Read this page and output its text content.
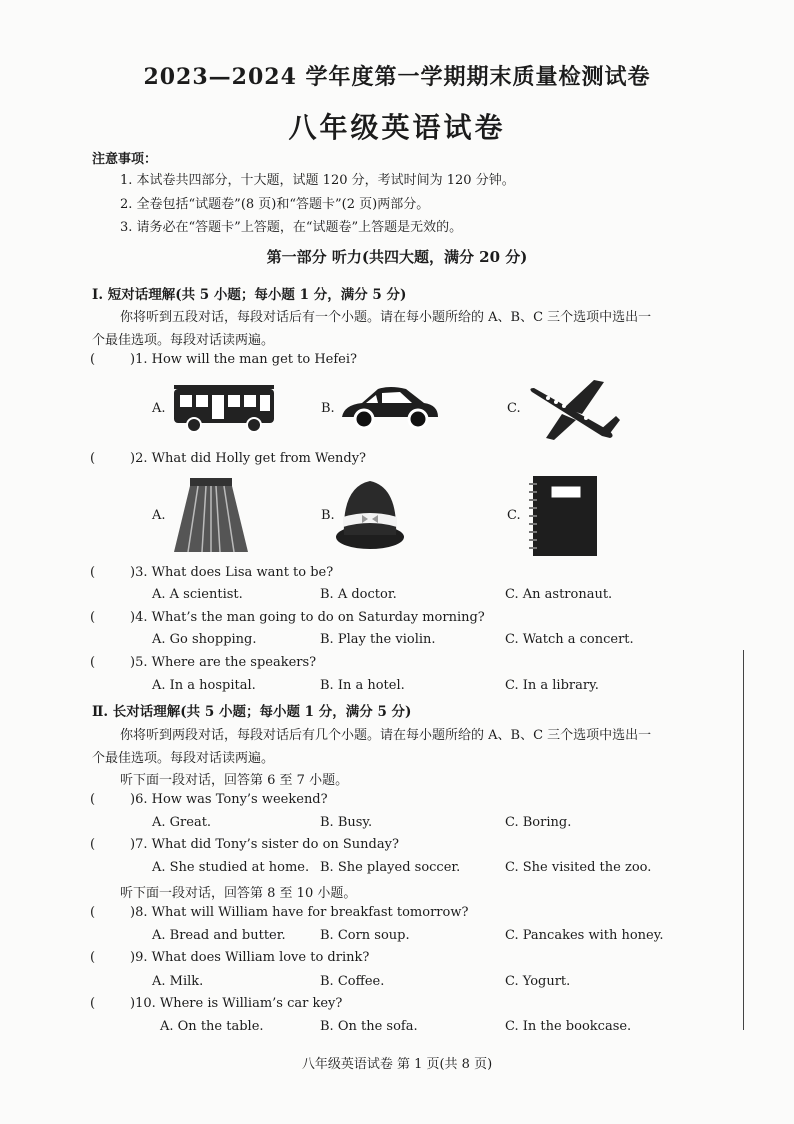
2023—2024 学年度第一学期期末质量检测试卷
八年级英语试卷
注意事项：
1. 本试卷共四部分，十大题，试题 120 分，考试时间为 120 分钟。
2. 全卷包括“试题卷”(8 页)和“答题卡”(2 页)两部分。
3. 请务必在“答题卡”上答题，在“试题卷”上答题是无效的。
第一部分 听力(共四大题，满分 20 分)
Ⅰ. 短对话理解(共 5 小题；每小题 1 分，满分 5 分)
你将听到五段对话，每段对话后有一个小题。请在每小题所给的 A、B、C 三个选项中选出一
个最佳选项。每段对话读两遍。
(	)1. How will the man get to Hefei?
A.	B.	C.
(	)2. What did Holly get from Wendy?
A.	B.	C.
(	)3. What does Lisa want to be?
A. A scientist.	B. A doctor.	C. An astronaut.
(	)4. What’s the man going to do on Saturday morning?
A. Go shopping.	B. Play the violin.	C. Watch a concert.
(	)5. Where are the speakers?
A. In a hospital.	B. In a hotel.	C. In a library.
Ⅱ. 长对话理解(共 5 小题；每小题 1 分，满分 5 分)
你将听到两段对话，每段对话后有几个小题。请在每小题所给的 A、B、C 三个选项中选出一
个最佳选项。每段对话读两遍。
听下面一段对话，回答第 6 至 7 小题。
(	)6. How was Tony’s weekend?
A. Great.	B. Busy.	C. Boring.
(	)7. What did Tony’s sister do on Sunday?
A. She studied at home. B. She played soccer.	C. She visited the zoo.
听下面一段对话，回答第 8 至 10 小题。
(	)8. What will William have for breakfast tomorrow?
A. Bread and butter.	B. Corn soup.	C. Pancakes with honey.
(	)9. What does William love to drink?
A. Milk.	B. Coffee.	C. Yogurt.
(	)10. Where is William’s car key?
A. On the table.	B. On the sofa.	C. In the bookcase.
八年级英语试卷 第 1 页(共 8 页)
